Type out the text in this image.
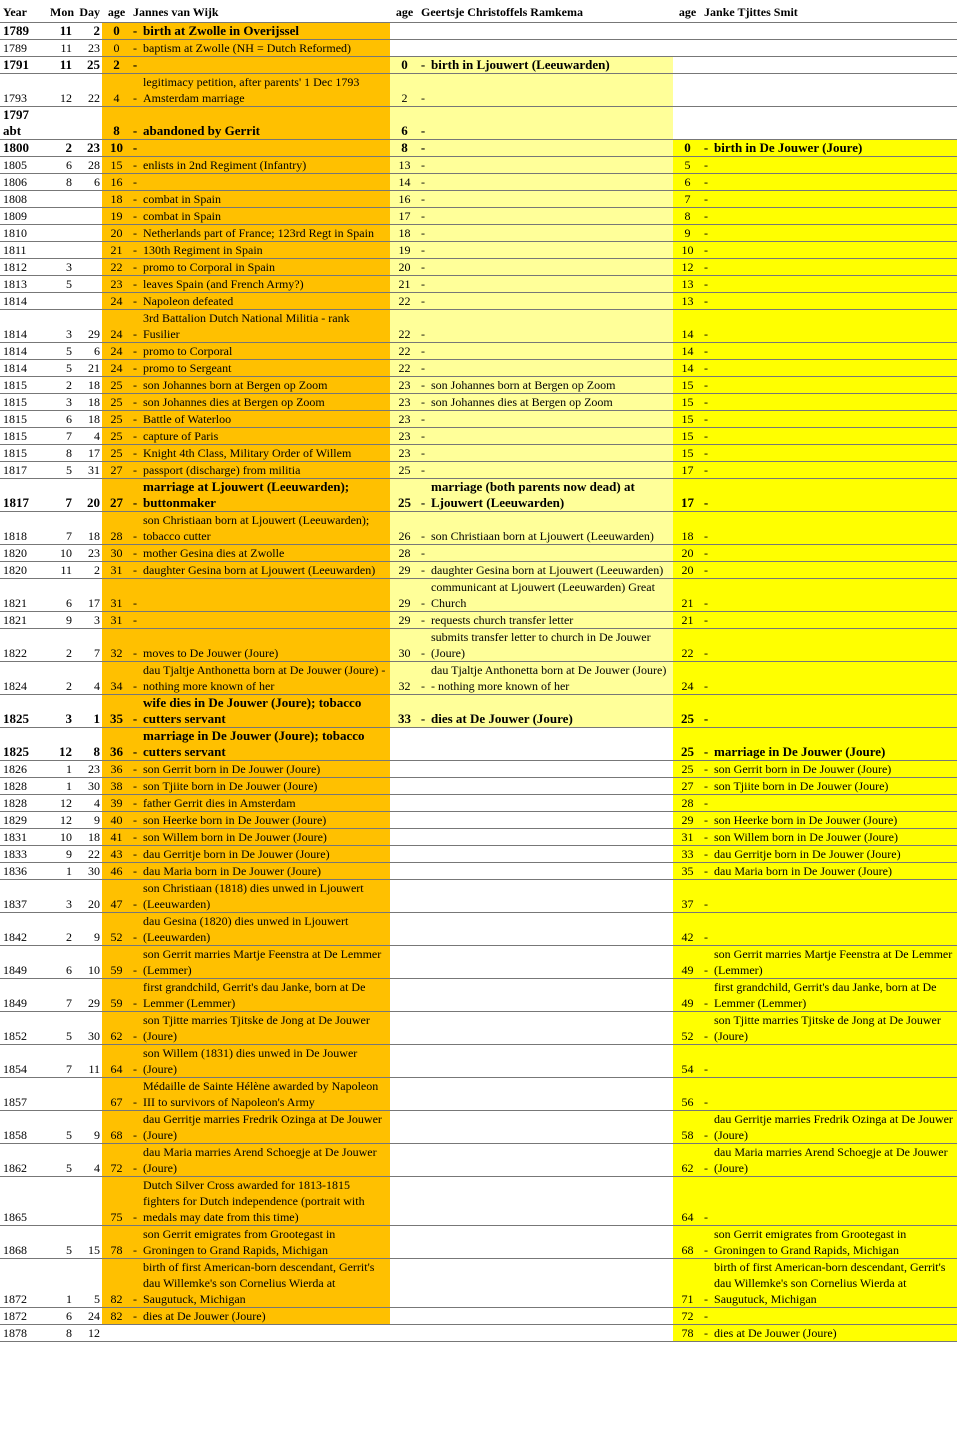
Year	Mon	Day	age	Jannes van Wijk		age	Geertsje Christoffels Ramkema		age	Janke Tjittes Smit	
1789	11	2	0	-	birth at Zwolle in Overijssel						
1789	11	23	0	-	baptism at Zwolle (NH = Dutch Reformed)						
1791	11	25	2	-		0	-	birth in Ljouwert (Leeuwarden)			
1793	12	22	4	-	legitimacy petition, after parents' 1 Dec 1793 Amsterdam marriage	2	-				
1797 abt			8	-	abandoned by Gerrit	6	-				
1800	2	23	10	-		8	-		0	-	birth in De Jouwer (Joure)
1805	6	28	15	-	enlists in 2nd Regiment (Infantry)	13	-		5	-	
1806	8	6	16	-		14	-		6	-	
1808			18	-	combat in Spain	16	-		7	-	
1809			19	-	combat in Spain	17	-		8	-	
1810			20	-	Netherlands part of France; 123rd Regt in Spain	18	-		9	-	
1811			21	-	130th Regiment in Spain	19	-		10	-	
1812	3		22	-	promo to Corporal in Spain	20	-		12	-	
1813	5		23	-	leaves Spain (and French Army?)	21	-		13	-	
1814			24	-	Napoleon defeated	22	-		13	-	
1814	3	29	24	-	3rd Battalion Dutch National Militia - rank Fusilier	22	-		14	-	
1814	5	6	24	-	promo to Corporal	22	-		14	-	
1814	5	21	24	-	promo to Sergeant	22	-		14	-	
1815	2	18	25	-	son Johannes born at Bergen op Zoom	23	-	son Johannes born at Bergen op Zoom	15	-	
1815	3	18	25	-	son Johannes dies at Bergen op Zoom	23	-	son Johannes dies at Bergen op Zoom	15	-	
1815	6	18	25	-	Battle of Waterloo	23	-		15	-	
1815	7	4	25	-	capture of Paris	23	-		15	-	
1815	8	17	25	-	Knight 4th Class, Military Order of Willem	23	-		15	-	
1817	5	31	27	-	passport (discharge) from militia	25	-		17	-	
1817	7	20	27	-	marriage at Ljouwert (Leeuwarden); buttonmaker	25	-	marriage (both parents now dead) at Ljouwert (Leeuwarden)	17	-	
1818	7	18	28	-	son Christiaan born at Ljouwert (Leeuwarden); tobacco cutter	26	-	son Christiaan born at Ljouwert (Leeuwarden)	18	-	
1820	10	23	30	-	mother Gesina dies at Zwolle	28	-		20	-	
1820	11	2	31	-	daughter Gesina born at Ljouwert (Leeuwarden)	29	-	daughter Gesina born at Ljouwert (Leeuwarden)	20	-	
1821	6	17	31	-		29	-	communicant at Ljouwert (Leeuwarden) Great Church	21	-	
1821	9	3	31	-		29	-	requests church transfer letter	21	-	
1822	2	7	32	-	moves to De Jouwer (Joure)	30	-	submits transfer letter to church in De Jouwer (Joure)	22	-	
1824	2	4	34	-	dau Tjaltje Anthonetta born at De Jouwer (Joure) - nothing more known of her	32	-	dau Tjaltje Anthonetta born at De Jouwer (Joure) - nothing more known of her	24	-	
1825	3	1	35	-	wife dies in De Jouwer (Joure); tobacco cutters servant	33	-	dies at De Jouwer (Joure)	25	-	
1825	12	8	36	-	marriage in De Jouwer (Joure); tobacco cutters servant				25	-	marriage in De Jouwer (Joure)
1826	1	23	36	-	son Gerrit born in De Jouwer (Joure)				25	-	son Gerrit born in De Jouwer (Joure)
1828	1	30	38	-	son Tjiite born in De Jouwer (Joure)				27	-	son Tjiite born in De Jouwer (Joure)
1828	12	4	39	-	father Gerrit dies in Amsterdam				28	-	
1829	12	9	40	-	son Heerke born in De Jouwer (Joure)				29	-	son Heerke born in De Jouwer (Joure)
1831	10	18	41	-	son Willem born in De Jouwer (Joure)				31	-	son Willem born in De Jouwer (Joure)
1833	9	22	43	-	dau Gerritje born in De Jouwer (Joure)				33	-	dau Gerritje born in De Jouwer (Joure)
1836	1	30	46	-	dau Maria born in De Jouwer (Joure)				35	-	dau Maria born in De Jouwer (Joure)
1837	3	20	47	-	son Christiaan (1818) dies unwed in Ljouwert (Leeuwarden)				37	-	
1842	2	9	52	-	dau Gesina (1820) dies unwed in Ljouwert (Leeuwarden)				42	-	
1849	6	10	59	-	son Gerrit marries Martje Feenstra at De Lemmer (Lemmer)				49	-	son Gerrit marries Martje Feenstra at De Lemmer (Lemmer)
1849	7	29	59	-	first grandchild, Gerrit's dau Janke, born at De Lemmer (Lemmer)				49	-	first grandchild, Gerrit's dau Janke, born at De Lemmer (Lemmer)
1852	5	30	62	-	son Tjitte marries Tjitske de Jong at De Jouwer (Joure)				52	-	son Tjitte marries Tjitske de Jong at De Jouwer (Joure)
1854	7	11	64	-	son Willem (1831) dies unwed in De Jouwer (Joure)				54	-	
1857			67	-	Médaille de Sainte Hélène awarded by Napoleon III to survivors of Napoleon's Army				56	-	
1858	5	9	68	-	dau Gerritje marries Fredrik Ozinga at De Jouwer (Joure)				58	-	dau Gerritje marries Fredrik Ozinga at De Jouwer (Joure)
1862	5	4	72	-	dau Maria marries Arend Schoegje at De Jouwer (Joure)				62	-	dau Maria marries Arend Schoegje at De Jouwer (Joure)
1865			75	-	Dutch Silver Cross awarded for 1813-1815 fighters for Dutch independence (portrait with medals may date from this time)				64	-	
1868	5	15	78	-	son Gerrit emigrates from Grootegast in Groningen to Grand Rapids, Michigan				68	-	son Gerrit emigrates from Grootegast in Groningen to Grand Rapids, Michigan
1872	1	5	82	-	birth of first American-born descendant, Gerrit's dau Willemke's son Cornelius Wierda at Saugutuck, Michigan				71	-	birth of first American-born descendant, Gerrit's dau Willemke's son Cornelius Wierda at Saugutuck, Michigan
1872	6	24	82	-	dies at De Jouwer (Joure)				72	-	
1878	8	12							78	-	dies at De Jouwer (Joure)
